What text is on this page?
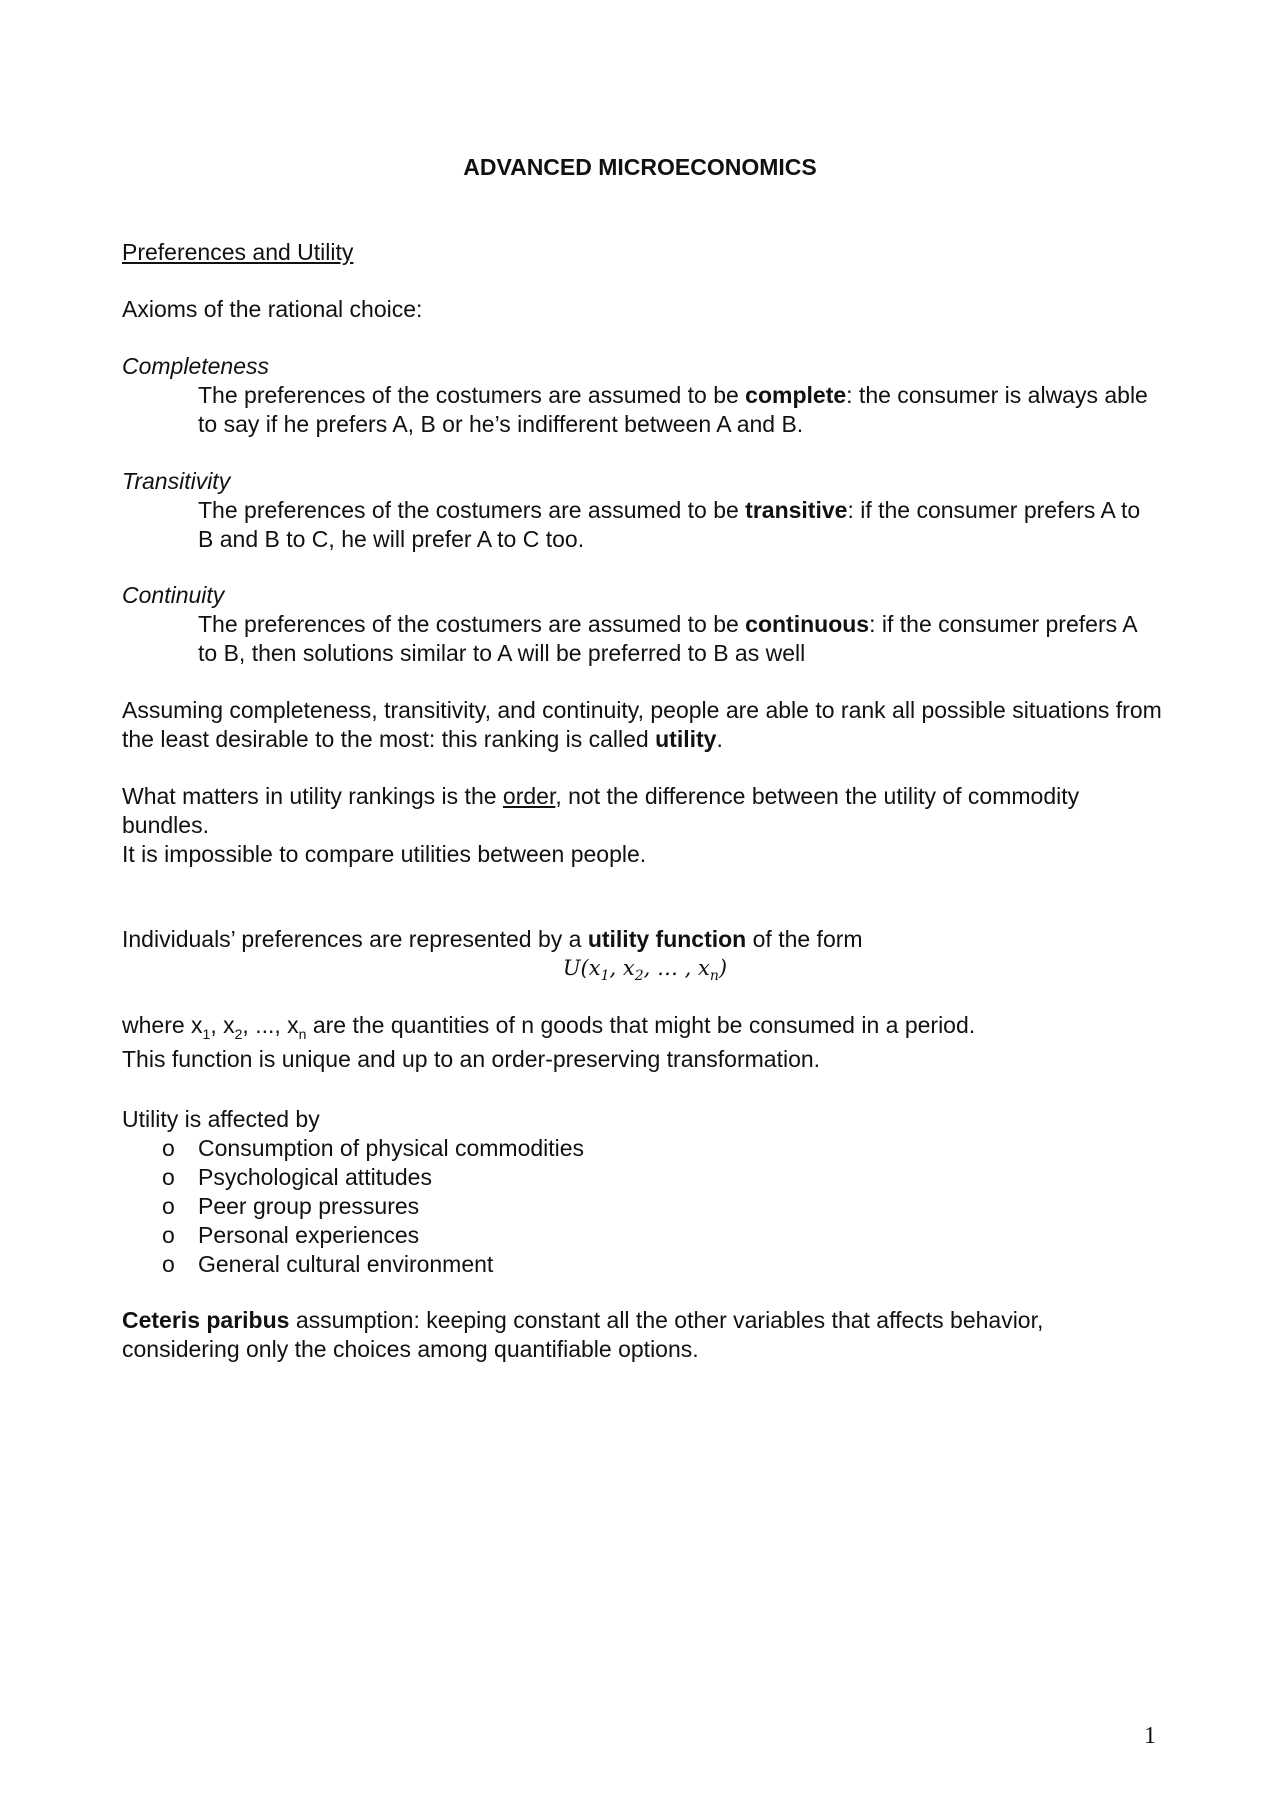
ADVANCED MICROECONOMICS

Preferences and Utility

Axioms of the rational choice:

Completeness

The preferences of the costumers are assumed to be complete: the consumer is always able to say if he prefers A, B or he’s indifferent between A and B.

Transitivity

The preferences of the costumers are assumed to be transitive: if the consumer prefers A to B and B to C, he will prefer A to C too.

Continuity

The preferences of the costumers are assumed to be continuous: if the consumer prefers A to B, then solutions similar to A will be preferred to B as well

Assuming completeness, transitivity, and continuity, people are able to rank all possible situations from the least desirable to the most: this ranking is called utility.

What matters in utility rankings is the order, not the difference between the utility of commodity bundles.

It is impossible to compare utilities between people.

Individuals’ preferences are represented by a utility function of the form

$U(x_1$, $x_2$, … , $x_n$)

where $x_1$, $x_2$, ..., $x_n$ are the quantities of n goods that might be consumed in a period.

This function is unique and up to an order-preserving transformation.

Utility is affected by

o Consumption of physical commodities
o Psychological attitudes
o Peer group pressures
o Personal experiences
o General cultural environment

Ceteris paribus assumption: keeping constant all the other variables that affects behavior, considering only the choices among quantifiable options.

1
